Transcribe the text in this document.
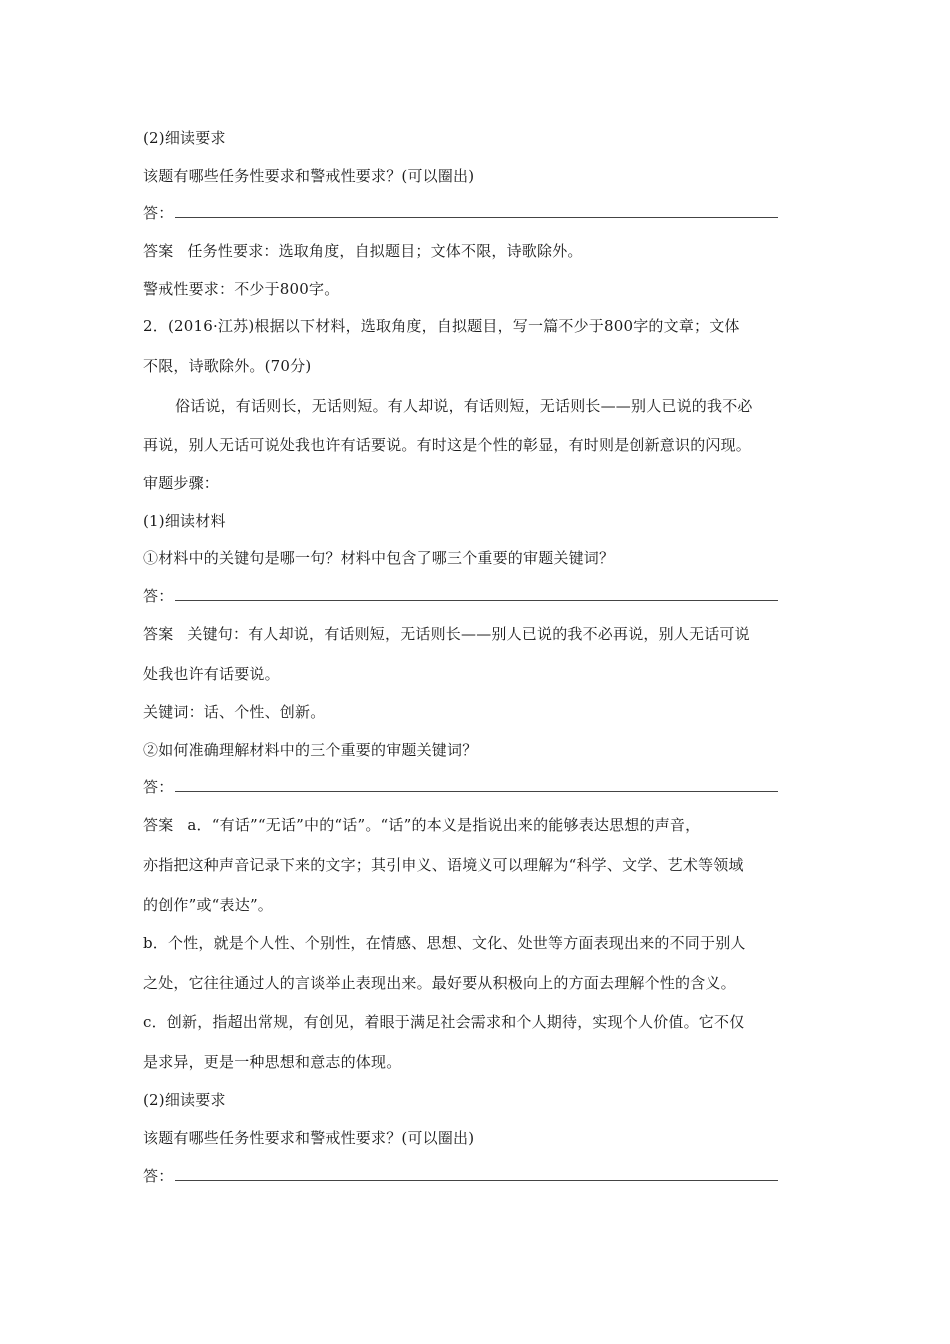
(2)细读要求
该题有哪些任务性要求和警戒性要求？(可以圈出)
答：
答案 任务性要求：选取角度，自拟题目；文体不限，诗歌除外。
警戒性要求：不少于800字。
2．(2016·江苏)根据以下材料，选取角度，自拟题目，写一篇不少于800字的文章；文体
不限，诗歌除外。(70分)
俗话说，有话则长，无话则短。有人却说，有话则短，无话则长——别人已说的我不必
再说，别人无话可说处我也许有话要说。有时这是个性的彰显，有时则是创新意识的闪现。
审题步骤：
(1)细读材料
①材料中的关键句是哪一句？材料中包含了哪三个重要的审题关键词？
答：
答案 关键句：有人却说，有话则短，无话则长——别人已说的我不必再说，别人无话可说
处我也许有话要说。
关键词：话、个性、创新。
②如何准确理解材料中的三个重要的审题关键词？
答：
答案 a．“有话”“无话”中的“话”。“话”的本义是指说出来的能够表达思想的声音，
亦指把这种声音记录下来的文字；其引申义、语境义可以理解为“科学、文学、艺术等领域
的创作”或“表达”。
b．个性，就是个人性、个别性，在情感、思想、文化、处世等方面表现出来的不同于别人
之处，它往往通过人的言谈举止表现出来。最好要从积极向上的方面去理解个性的含义。
c．创新，指超出常规，有创见，着眼于满足社会需求和个人期待，实现个人价值。它不仅
是求异，更是一种思想和意志的体现。
(2)细读要求
该题有哪些任务性要求和警戒性要求？(可以圈出)
答：
